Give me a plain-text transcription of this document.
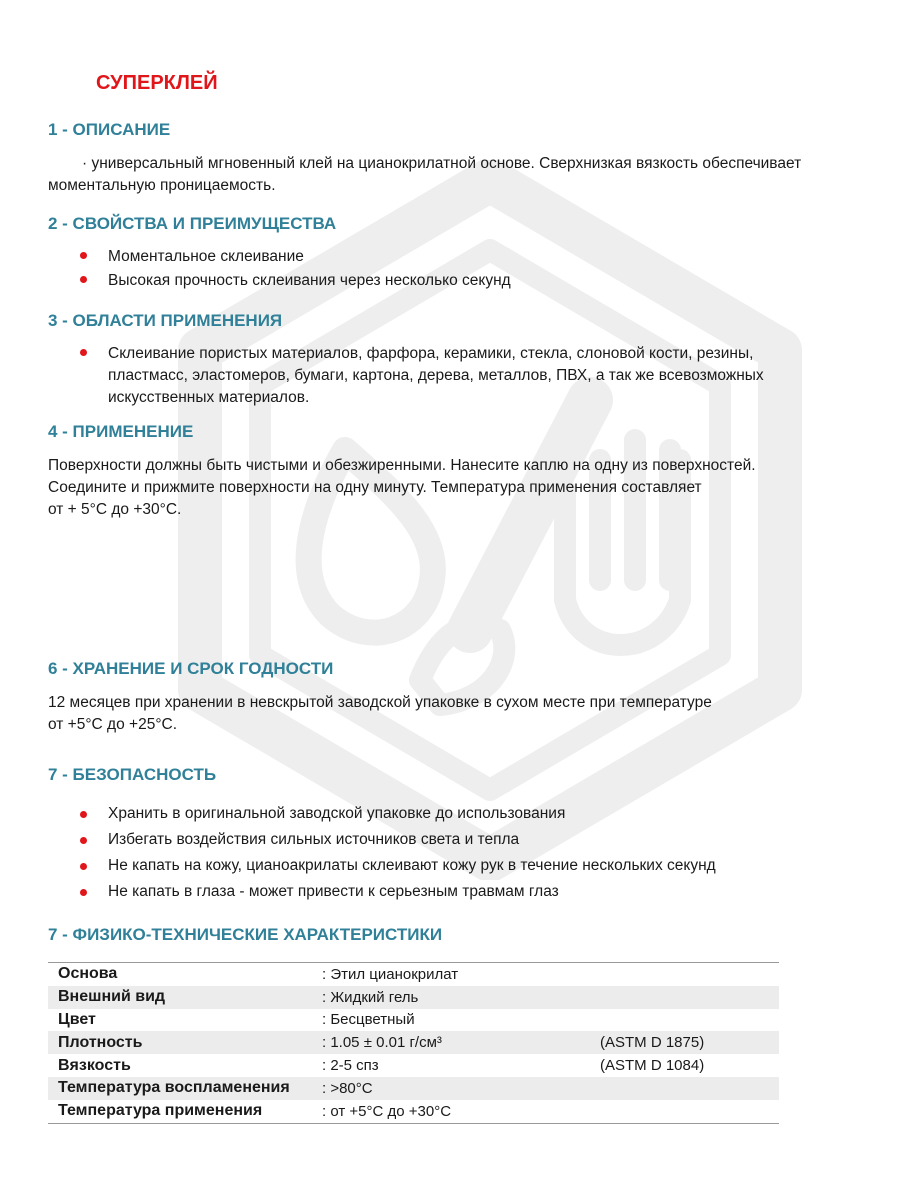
СУПЕРКЛЕЙ
1 - ОПИСАНИЕ
· универсальный мгновенный клей на цианокрилатной основе. Сверхнизкая вязкость обеспечивает
моментальную проницаемость.
2 - СВОЙСТВА И ПРЕИМУЩЕСТВА
Моментальное склеивание
Высокая прочность склеивания через несколько секунд
3 - ОБЛАСТИ ПРИМЕНЕНИЯ
Склеивание пористых материалов, фарфора, керамики, стекла, слоновой кости, резины,
пластмасс, эластомеров, бумаги, картона, дерева, металлов, ПВХ, а так же всевозможных
искусственных материалов.
4 - ПРИМЕНЕНИЕ
Поверхности должны быть чистыми и обезжиренными. Нанесите каплю на одну из поверхностей.
Соедините и прижмите поверхности на одну минуту. Температура применения составляет
от + 5°С до +30°С.
6 - ХРАНЕНИЕ И СРОК ГОДНОСТИ
12 месяцев при хранении в невскрытой заводской упаковке в сухом месте при температуре
от +5°С до +25°С.
7 - БЕЗОПАСНОСТЬ
Хранить в оригинальной заводской упаковке до использования
Избегать воздействия сильных источников света и тепла
Не капать на кожу, цианоакрилаты склеивают кожу рук в течение нескольких секунд
Не капать в глаза - может привести к серьезным травмам глаз
7 - ФИЗИКО-ТЕХНИЧЕСКИЕ ХАРАКТЕРИСТИКИ
Основа	: Этил цианокрилат	
Внешний вид	: Жидкий гель	
Цвет	: Бесцветный	
Плотность	: 1.05 ± 0.01 г/см³	(ASTM D 1875)
Вязкость	: 2-5 спз	(ASTM D 1084)
Температура воспламенения	: >80°С	
Температура применения	: от +5°С до +30°С	
